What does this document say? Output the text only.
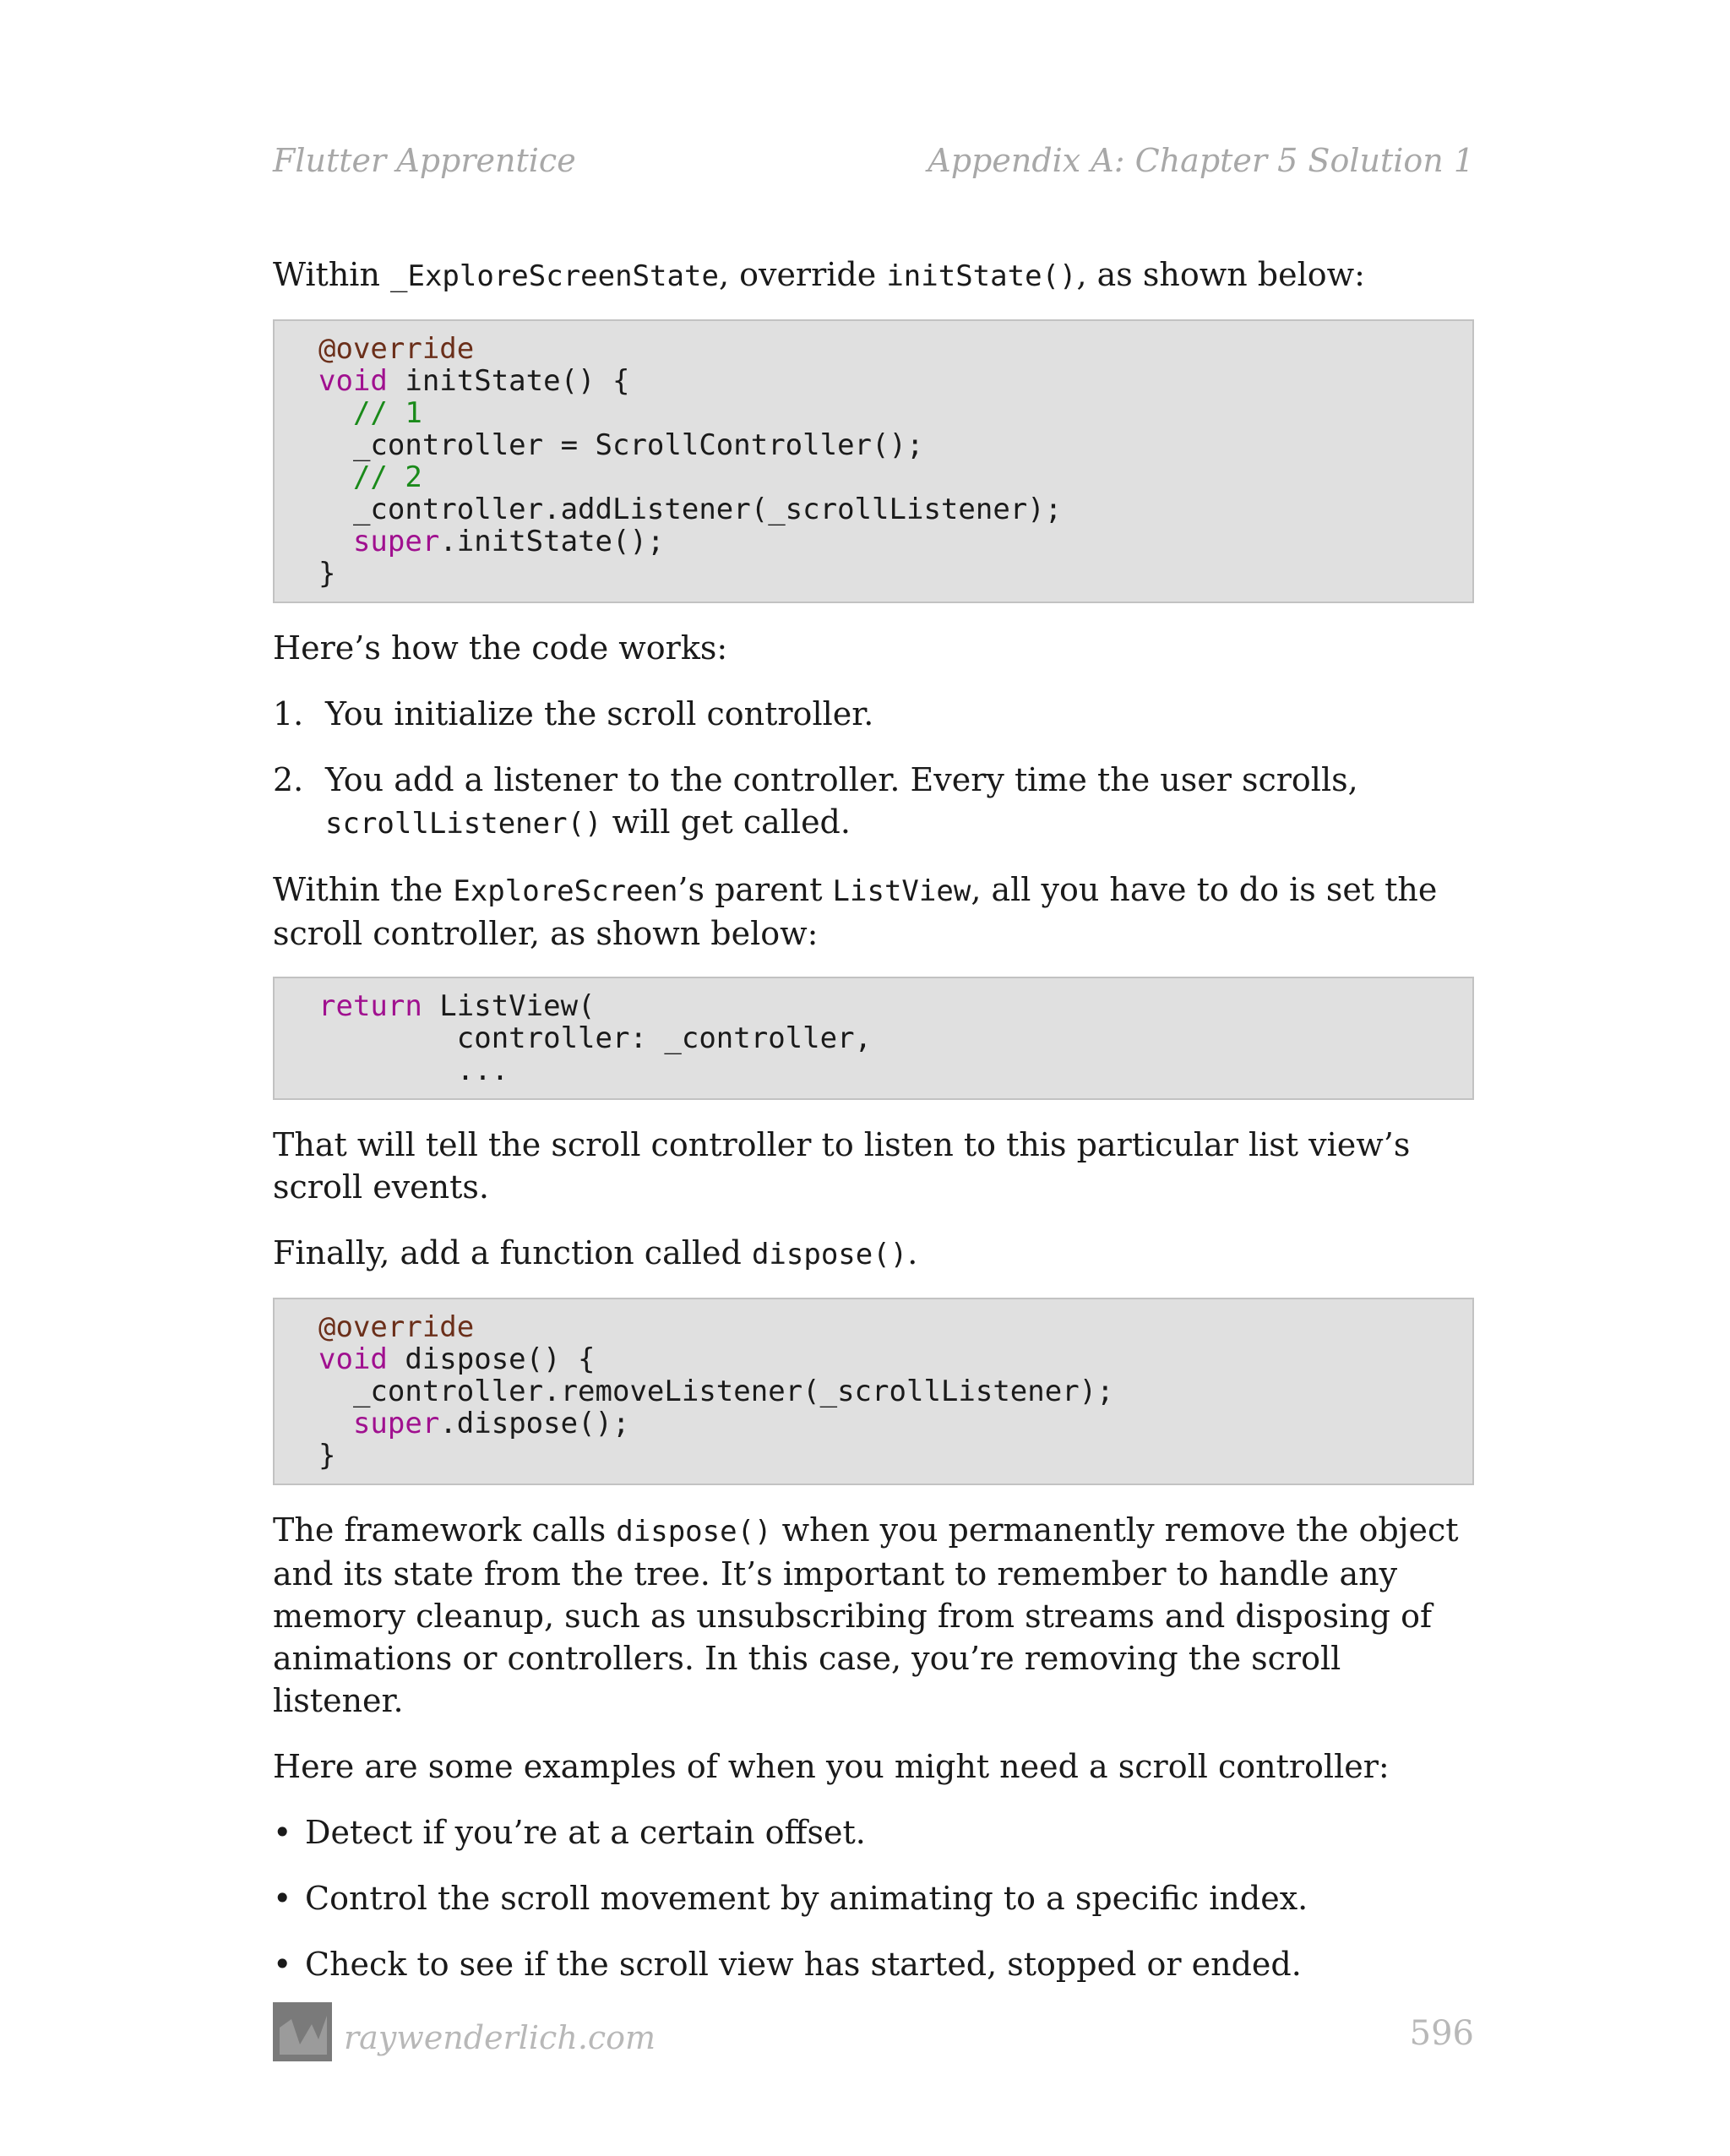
Flutter Apprentice	Appendix A: Chapter 5 Solution 1

Within _ExploreScreenState, override initState(), as shown below:

@override
void initState() {
// 1
_controller = ScrollController();
// 2
_controller.addListener(_scrollListener);
super.initState();
}

Here’s how the code works:

1. You initialize the scroll controller.
2. You add a listener to the controller. Every time the user scrolls,
scrollListener() will get called.

Within the ExploreScreen’s parent ListView, all you have to do is set the scroll controller, as shown below:

return ListView(
controller: _controller,
...

That will tell the scroll controller to listen to this particular list view’s scroll events.

Finally, add a function called dispose().

@override
void dispose() {
_controller.removeListener(_scrollListener);
super.dispose();
}

The framework calls dispose() when you permanently remove the object and its state from the tree. It’s important to remember to handle any memory cleanup, such as unsubscribing from streams and disposing of animations or controllers. In this case, you’re removing the scroll listener.

Here are some examples of when you might need a scroll controller:

• Detect if you’re at a certain offset.
• Control the scroll movement by animating to a specific index.
• Check to see if the scroll view has started, stopped or ended.
raywenderlich.com	596
